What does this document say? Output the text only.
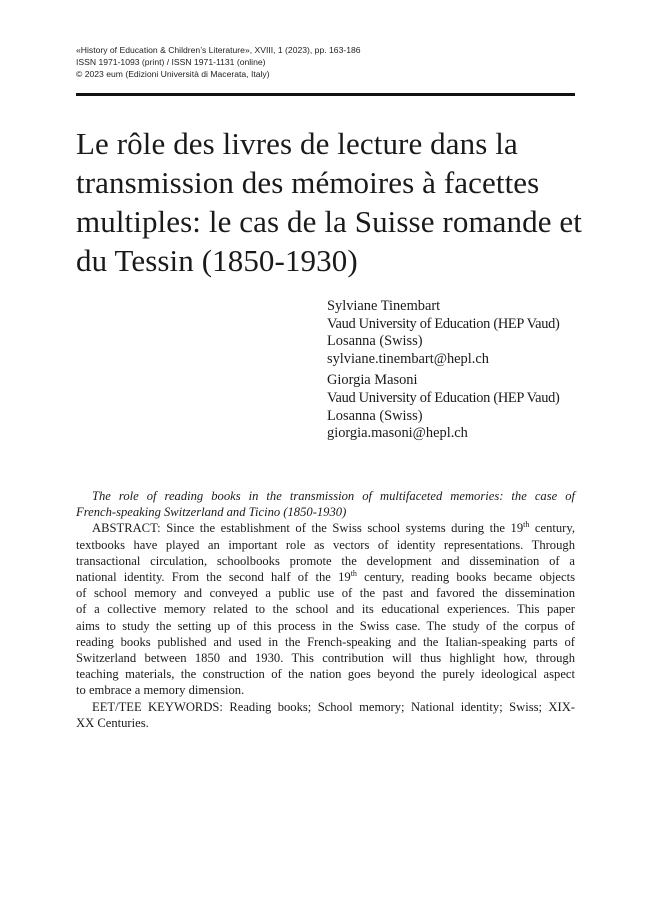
«History of Education & Children’s Literature», XVIII, 1 (2023), pp. 163-186
ISSN 1971-1093 (print) / ISSN 1971-1131 (online)
© 2023 eum (Edizioni Università di Macerata, Italy)
Le rôle des livres de lecture dans la
transmission des mémoires à facettes
multiples: le cas de la Suisse romande et
du Tessin (1850-1930)
Sylviane Tinembart
Vaud University of Education (HEP Vaud)
Losanna (Swiss)
sylviane.tinembart@hepl.ch
Giorgia Masoni
Vaud University of Education (HEP Vaud)
Losanna (Swiss)
giorgia.masoni@hepl.ch
The role of reading books in the transmission of multifaceted memories: the case of
French-speaking Switzerland and Ticino (1850-1930)
ABSTRACT: Since the establishment of the Swiss school systems during the 19th century,
textbooks have played an important role as vectors of identity representations. Through
transactional circulation, schoolbooks promote the development and dissemination of a
national identity. From the second half of the 19th century, reading books became objects
of school memory and conveyed a public use of the past and favored the dissemination
of a collective memory related to the school and its educational experiences. This paper
aims to study the setting up of this process in the Swiss case. The study of the corpus of
reading books published and used in the French-speaking and the Italian-speaking parts of
Switzerland between 1850 and 1930. This contribution will thus highlight how, through
teaching materials, the construction of the nation goes beyond the purely ideological aspect
to embrace a memory dimension.
EET/TEE KEYWORDS: Reading books; School memory; National identity; Swiss; XIX-
XX Centuries.
